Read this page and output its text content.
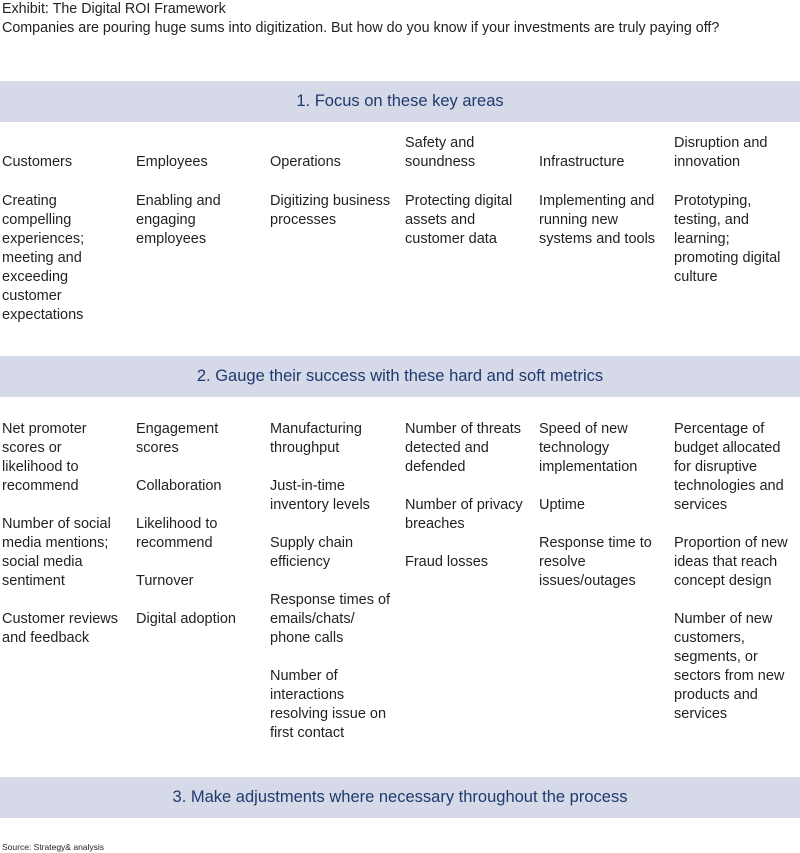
Exhibit: The Digital ROI Framework

Companies are pouring huge sums into digitization. But how do you know if your investments are truly paying off?

1. Focus on these key areas
Customers
Creating compelling experiences; meeting and exceeding customer expectations
Employees
Enabling and engaging employees
Operations
Digitizing business processes
Safety and soundness
Protecting digital assets and customer data
Infrastructure
Implementing and running new systems and tools
Disruption and innovation
Prototyping, testing, and learning; promoting digital culture
2. Gauge their success with these hard and soft metrics

Net promoter scores or likelihood to recommend

Number of social media mentions; social media sentiment

Customer reviews and feedback

Engagement scores

Collaboration

Likelihood to recommend

Turnover

Digital adoption

Manufacturing throughput

Just-in-time inventory levels

Supply chain efficiency

Response times of emails/chats/ phone calls

Number of interactions resolving issue on first contact

Number of threats detected and defended

Number of privacy breaches

Fraud losses

Speed of new technology implementation

Uptime

Response time to resolve issues/outages

Percentage of budget allocated for disruptive technologies and services

Proportion of new ideas that reach concept design

Number of new customers, segments, or sectors from new products and services

3. Make adjustments where necessary throughout the process
Source: Strategy& analysis
